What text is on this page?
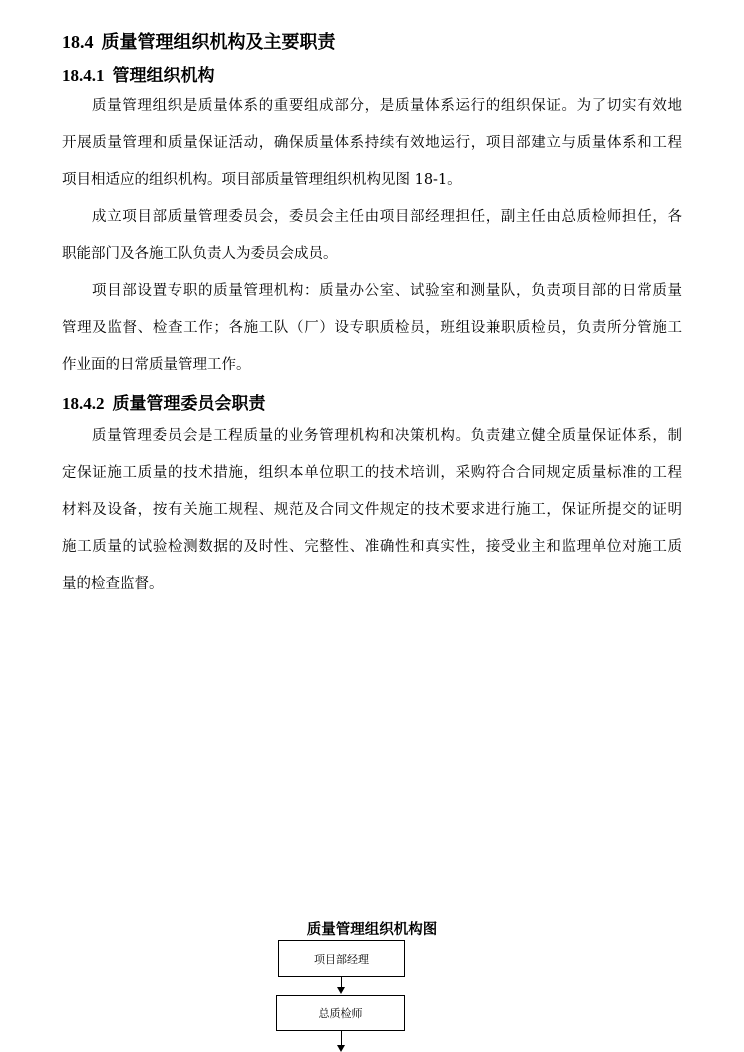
18.4 质量管理组织机构及主要职责
18.4.1 管理组织机构
质量管理组织是质量体系的重要组成部分，是质量体系运行的组织保证。为了切实有效地
开展质量管理和质量保证活动，确保质量体系持续有效地运行，项目部建立与质量体系和工程
项目相适应的组织机构。项目部质量管理组织机构见图 18-1。
成立项目部质量管理委员会，委员会主任由项目部经理担任，副主任由总质检师担任，各
职能部门及各施工队负责人为委员会成员。
项目部设置专职的质量管理机构：质量办公室、试验室和测量队，负责项目部的日常质量
管理及监督、检查工作；各施工队（厂）设专职质检员，班组设兼职质检员，负责所分管施工
作业面的日常质量管理工作。
18.4.2 质量管理委员会职责
质量管理委员会是工程质量的业务管理机构和决策机构。负责建立健全质量保证体系，制
定保证施工质量的技术措施，组织本单位职工的技术培训，采购符合合同规定质量标准的工程
材料及设备，按有关施工规程、规范及合同文件规定的技术要求进行施工，保证所提交的证明
施工质量的试验检测数据的及时性、完整性、准确性和真实性，接受业主和监理单位对施工质
量的检查监督。
质量管理组织机构图
项目部经理
总质检师
